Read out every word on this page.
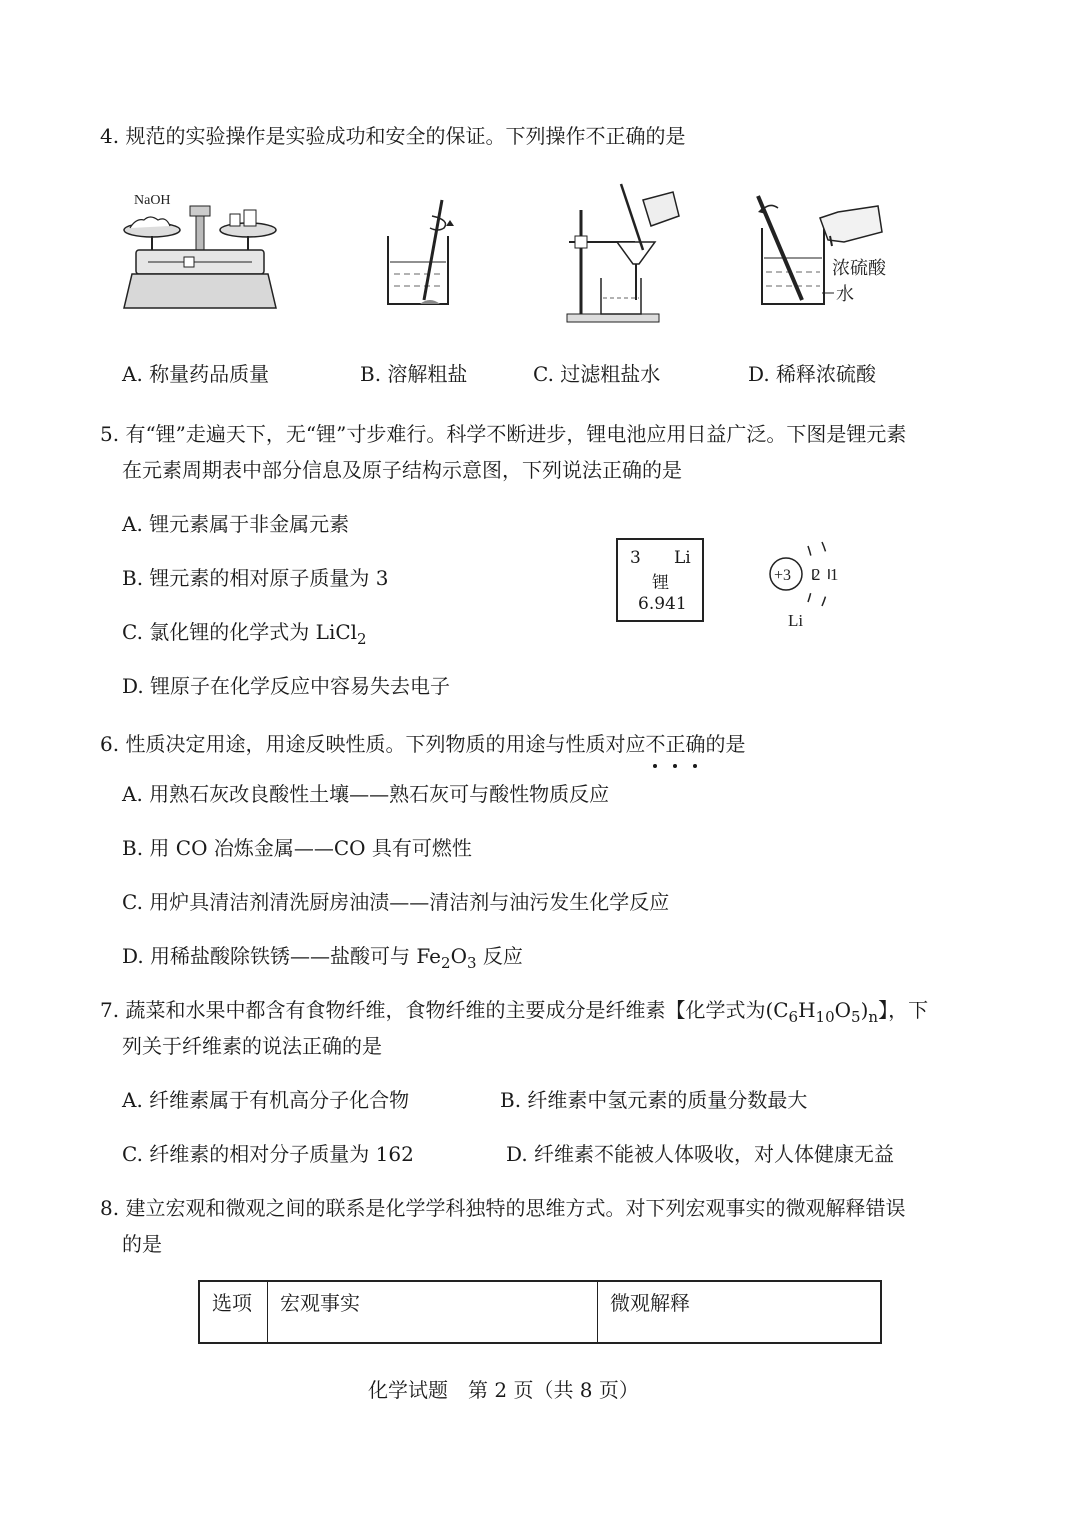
4. 规范的实验操作是实验成功和安全的保证。下列操作不正确的是
NaOH
浓硫酸
水
A. 称量药品质量	B. 溶解粗盐	C. 过滤粗盐水	D. 稀释浓硫酸
5. 有“锂”走遍天下，无“锂”寸步难行。科学不断进步，锂电池应用日益广泛。下图是锂元素
在元素周期表中部分信息及原子结构示意图，下列说法正确的是
A. 锂元素属于非金属元素
B. 锂元素的相对原子质量为 3
C. 氯化锂的化学式为 LiCl$_2$
D. 锂原子在化学反应中容易失去电子
3 Li
锂
6.941
+3 2 1
Li
6. 性质决定用途，用途反映性质。下列物质的用途与性质对应不正确
的是
A. 用熟石灰改良酸性土壤——熟石灰可与酸性物质反应
B. 用 CO 冶炼金属——CO 具有可燃性
C. 用炉具清洁剂清洗厨房油渍——清洁剂与油污发生化学反应
D. 用稀盐酸除铁锈——盐酸可与 $Fe_2O_3$ 反应
7. 蔬菜和水果中都含有食物纤维，食物纤维的主要成分是纤维素【化学式为$(C_6H_{10}O_5)_n$】，下
列关于纤维素的说法正确的是
A. 纤维素属于有机高分子化合物	B. 纤维素中氢元素的质量分数最大
C. 纤维素的相对分子质量为 162	D. 纤维素不能被人体吸收，对人体健康无益
8. 建立宏观和微观之间的联系是化学学科独特的思维方式。对下列宏观事实的微观解释错误
的是
选项	宏观事实	微观解释
化学试题　第 2 页（共 8 页）
